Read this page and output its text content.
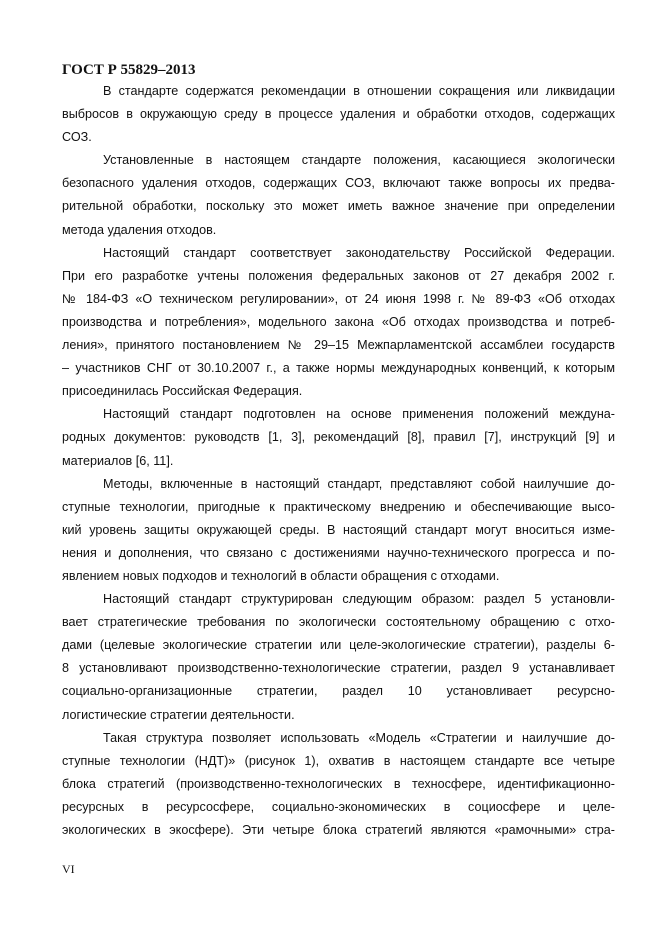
ГОСТ Р 55829–2013
В стандарте содержатся рекомендации в отношении сокращения или ликвидации
выбросов в окружающую среду в процессе удаления и обработки отходов, содержащих
СОЗ.
Установленные в настоящем стандарте положения, касающиеся экологически
безопасного удаления отходов, содержащих СОЗ, включают также вопросы их предва-
рительной обработки, поскольку это может иметь важное значение при определении
метода удаления отходов.
Настоящий стандарт соответствует законодательству Российской Федерации.
При его разработке учтены положения федеральных законов от 27 декабря 2002 г.
№ 184-ФЗ «О техническом регулировании», от 24 июня 1998 г. № 89-ФЗ «Об отходах
производства и потребления», модельного закона «Об отходах производства и потреб-
ления», принятого постановлением № 29–15 Межпарламентской ассамблеи государств
– участников СНГ от 30.10.2007 г., а также нормы международных конвенций, к которым
присоединилась Российская Федерация.
Настоящий стандарт подготовлен на основе применения положений междуна-
родных документов: руководств [1, 3], рекомендаций [8], правил [7], инструкций [9] и
материалов [6, 11].
Методы, включенные в настоящий стандарт, представляют собой наилучшие до-
ступные технологии, пригодные к практическому внедрению и обеспечивающие высо-
кий уровень защиты окружающей среды. В настоящий стандарт могут вноситься изме-
нения и дополнения, что связано с достижениями научно-технического прогресса и по-
явлением новых подходов и технологий в области обращения с отходами.
Настоящий стандарт структурирован следующим образом: раздел 5 установли-
вает стратегические требования по экологически состоятельному обращению с отхо-
дами (целевые экологические стратегии или целе-экологические стратегии), разделы 6-
8 установливают производственно-технологические стратегии, раздел 9 устанавливает
социально-организационные стратегии, раздел 10 установливает ресурсно-
логистические стратегии деятельности.
Такая структура позволяет использовать «Модель «Стратегии и наилучшие до-
ступные технологии (НДТ)» (рисунок 1), охватив в настоящем стандарте все четыре
блока стратегий (производственно-технологических в техносфере, идентификационно-
ресурсных в ресурсосфере, социально-экономических в социосфере и целе-
экологических в экосфере). Эти четыре блока стратегий являются «рамочными» стра-
VI
